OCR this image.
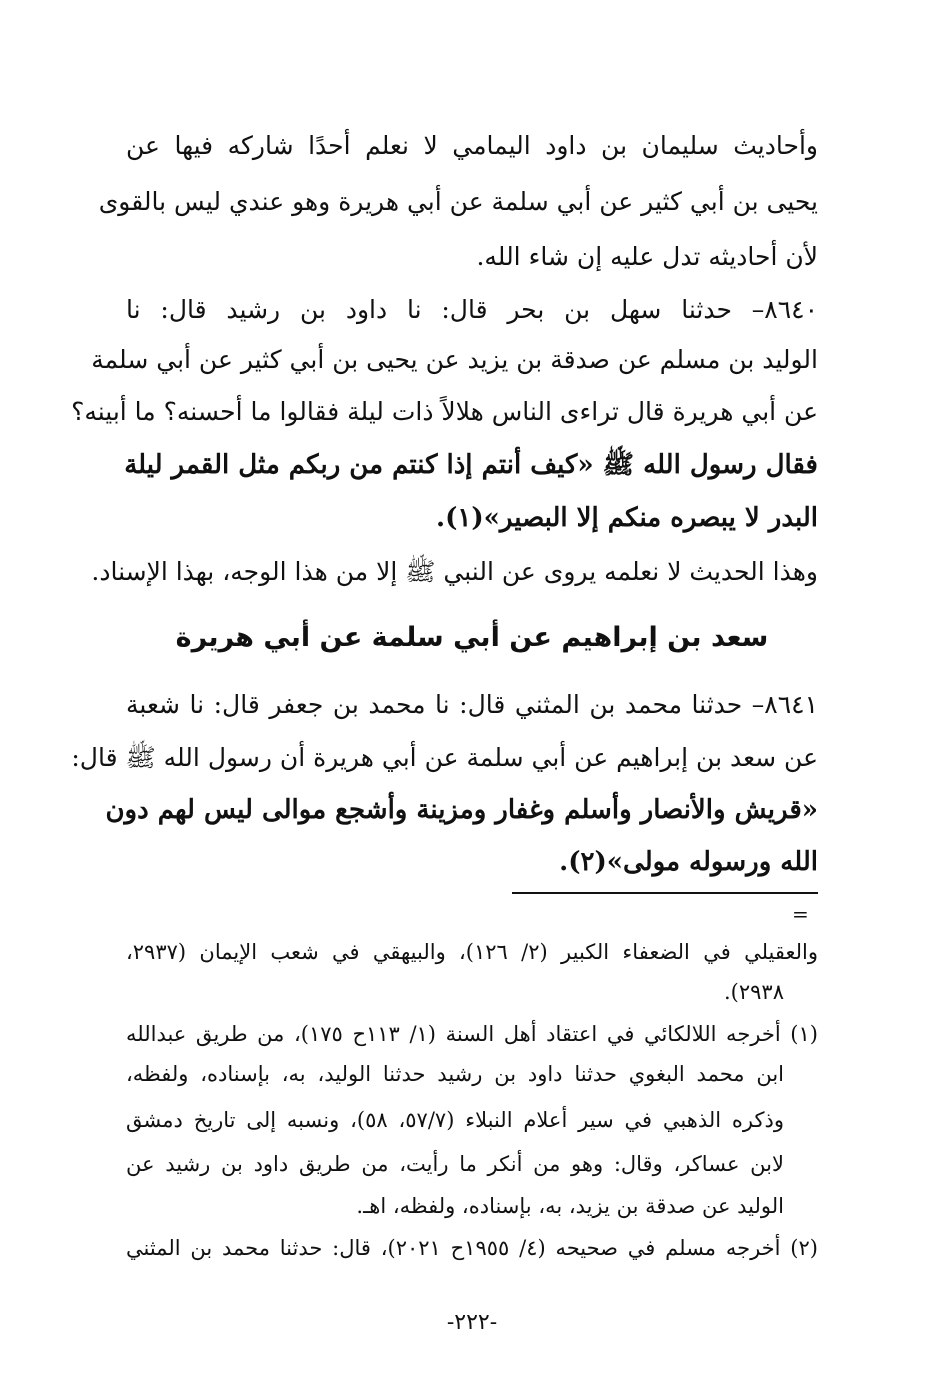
وأحاديث سليمان بن داود اليمامي لا نعلم أحدًا شاركه فيها عن
يحيى بن أبي كثير عن أبي سلمة عن أبي هريرة وهو عندي ليس بالقوى
لأن أحاديثه تدل عليه إن شاء الله.
٨٦٤٠– حدثنا سهل بن بحر قال: نا داود بن رشيد قال: نا
الوليد بن مسلم عن صدقة بن يزيد عن يحيى بن أبي كثير عن أبي سلمة
عن أبي هريرة قال تراءى الناس هلالاً ذات ليلة فقالوا ما أحسنه؟ ما أبينه؟
فقال رسول الله ﷺ «كيف أنتم إذا كنتم من ربكم مثل القمر ليلة
البدر لا يبصره منكم إلا البصير»(١).
وهذا الحديث لا نعلمه يروى عن النبي ﷺ إلا من هذا الوجه، بهذا الإسناد.
سعد بن إبراهيم عن أبي سلمة عن أبي هريرة
٨٦٤١– حدثنا محمد بن المثني قال: نا محمد بن جعفر قال: نا شعبة
عن سعد بن إبراهيم عن أبي سلمة عن أبي هريرة أن رسول الله ﷺ قال:
«قريش والأنصار وأسلم وغفار ومزينة وأشجع موالى ليس لهم دون
الله ورسوله مولى»(٢).
=
والعقيلي في الضعفاء الكبير (٢/ ١٢٦)، والبيهقي في شعب الإيمان (٢٩٣٧،
٢٩٣٨).
(١) أخرجه اللالكائي في اعتقاد أهل السنة (١/ ١١٣ح ١٧٥)، من طريق عبدالله
ابن محمد البغوي حدثنا داود بن رشيد حدثنا الوليد، به، بإسناده، ولفظه،
وذكره الذهبي في سير أعلام النبلاء (٥٧/٧، ٥٨)، ونسبه إلى تاريخ دمشق
لابن عساكر، وقال: وهو من أنكر ما رأيت، من طريق داود بن رشيد عن
الوليد عن صدقة بن يزيد، به، بإسناده، ولفظه، اهـ.
(٢) أخرجه مسلم في صحيحه (٤/ ١٩٥٥ح ٢٠٢١)، قال: حدثنا محمد بن المثني
-٢٢٢-
